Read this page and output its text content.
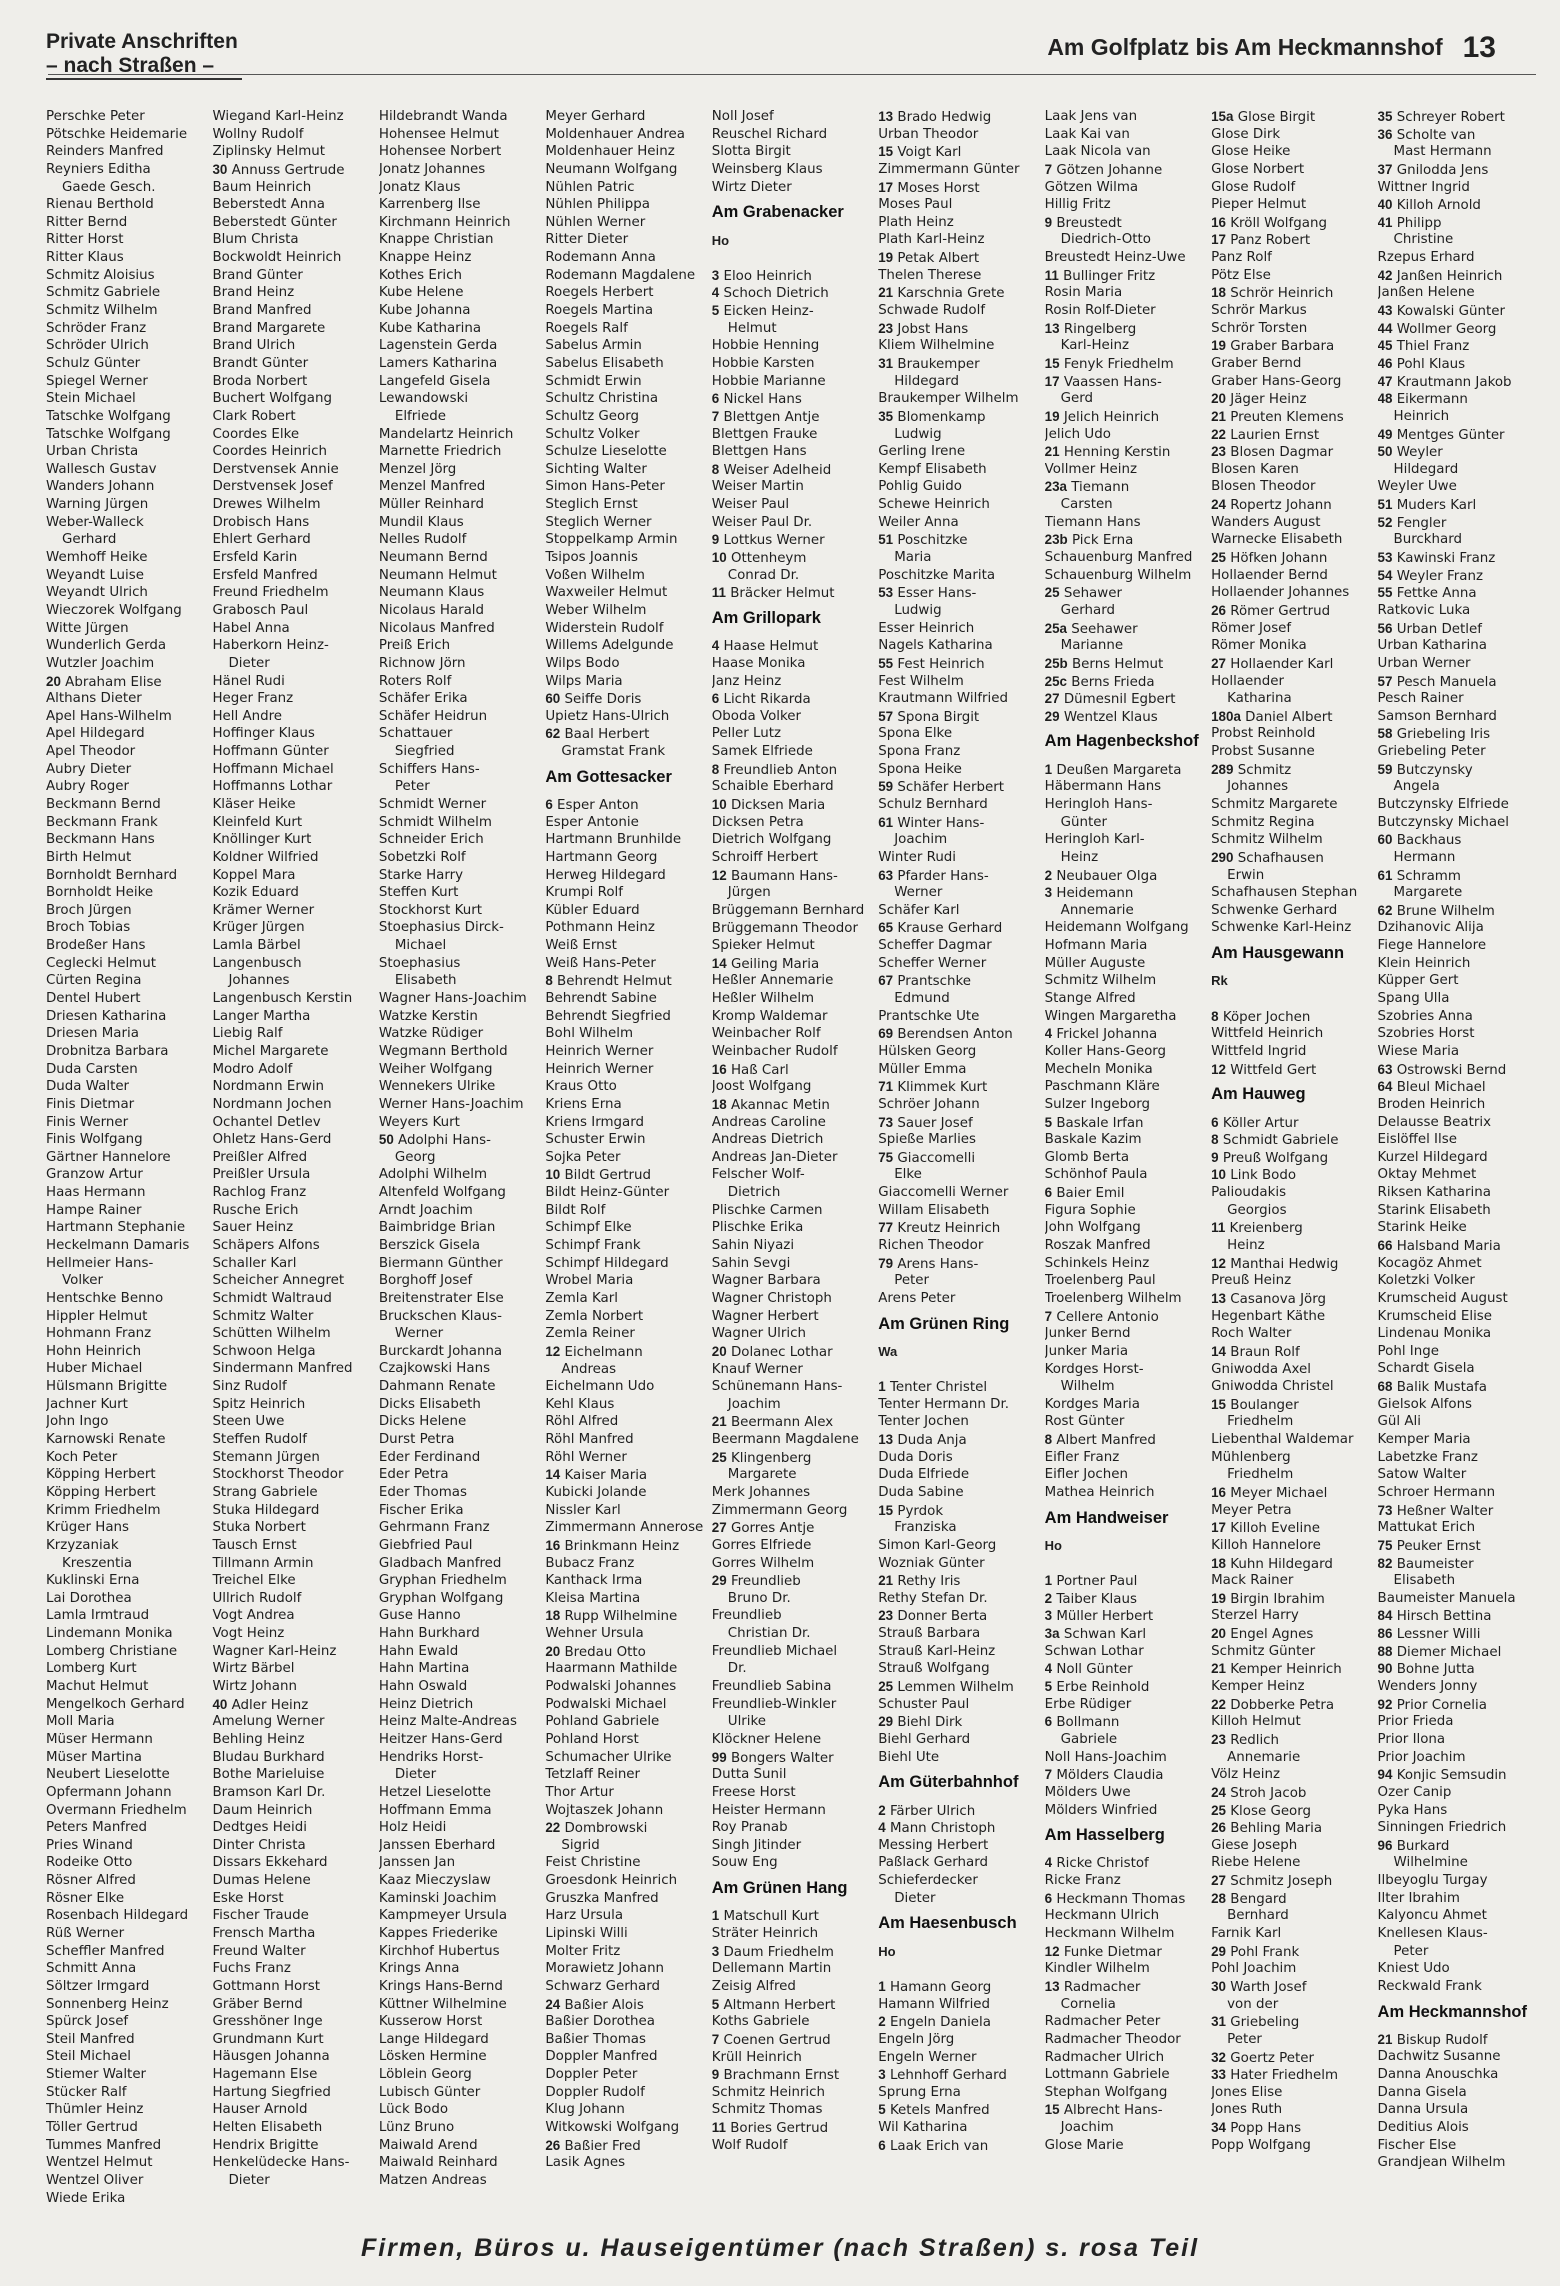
Private Anschriften
– nach Straßen –
Am Golfplatz bis Am Heckmannshof 13
Perschke Peter
Pötschke Heidemarie
Reinders Manfred
Reyniers Editha
Gaede Gesch.
Rienau Berthold
Ritter Bernd
Ritter Horst
Ritter Klaus
Schmitz Aloisius
Schmitz Gabriele
Schmitz Wilhelm
Schröder Franz
Schröder Ulrich
Schulz Günter
Spiegel Werner
Stein Michael
Tatschke Wolfgang
Tatschke Wolfgang
Urban Christa
Wallesch Gustav
Wanders Johann
Warning Jürgen
Weber-Walleck
Gerhard
Wemhoff Heike
Weyandt Luise
Weyandt Ulrich
Wieczorek Wolfgang
Witte Jürgen
Wunderlich Gerda
Wutzler Joachim
20 Abraham Elise
Althans Dieter
Apel Hans-Wilhelm
Apel Hildegard
Apel Theodor
Aubry Dieter
Aubry Roger
Beckmann Bernd
Beckmann Frank
Beckmann Hans
Birth Helmut
Bornholdt Bernhard
Bornholdt Heike
Broch Jürgen
Broch Tobias
Brodeßer Hans
Ceglecki Helmut
Cürten Regina
Dentel Hubert
Driesen Katharina
Driesen Maria
Drobnitza Barbara
Duda Carsten
Duda Walter
Finis Dietmar
Finis Werner
Finis Wolfgang
Gärtner Hannelore
Granzow Artur
Haas Hermann
Hampe Rainer
Hartmann Stephanie
Heckelmann Damaris
Hellmeier Hans-
Volker
Hentschke Benno
Hippler Helmut
Hohmann Franz
Hohn Heinrich
Huber Michael
Hülsmann Brigitte
Jachner Kurt
John Ingo
Karnowski Renate
Koch Peter
Köpping Herbert
Köpping Herbert
Krimm Friedhelm
Krüger Hans
Krzyzaniak
Kreszentia
Kuklinski Erna
Lai Dorothea
Lamla Irmtraud
Lindemann Monika
Lomberg Christiane
Lomberg Kurt
Machut Helmut
Mengelkoch Gerhard
Moll Maria
Müser Hermann
Müser Martina
Neubert Lieselotte
Opfermann Johann
Overmann Friedhelm
Peters Manfred
Pries Winand
Rodeike Otto
Rösner Alfred
Rösner Elke
Rosenbach Hildegard
Rüß Werner
Scheffler Manfred
Schmitt Anna
Söltzer Irmgard
Sonnenberg Heinz
Spürck Josef
Steil Manfred
Steil Michael
Stiemer Walter
Stücker Ralf
Thümler Heinz
Töller Gertrud
Tummes Manfred
Wentzel Helmut
Wentzel Oliver
Wiede Erika
Wiegand Karl-Heinz
Wollny Rudolf
Ziplinsky Helmut
30 Annuss Gertrude
Baum Heinrich
Beberstedt Anna
Beberstedt Günter
Blum Christa
Bockwoldt Heinrich
Brand Günter
Brand Heinz
Brand Manfred
Brand Margarete
Brand Ulrich
Brandt Günter
Broda Norbert
Buchert Wolfgang
Clark Robert
Coordes Elke
Coordes Heinrich
Derstvensek Annie
Derstvensek Josef
Drewes Wilhelm
Drobisch Hans
Ehlert Gerhard
Ersfeld Karin
Ersfeld Manfred
Freund Friedhelm
Grabosch Paul
Habel Anna
Haberkorn Heinz-
Dieter
Hänel Rudi
Heger Franz
Hell Andre
Hoffinger Klaus
Hoffmann Günter
Hoffmann Michael
Hoffmanns Lothar
Kläser Heike
Kleinfeld Kurt
Knöllinger Kurt
Koldner Wilfried
Koppel Mara
Kozik Eduard
Krämer Werner
Krüger Jürgen
Lamla Bärbel
Langenbusch
Johannes
Langenbusch Kerstin
Langer Martha
Liebig Ralf
Michel Margarete
Modro Adolf
Nordmann Erwin
Nordmann Jochen
Ochantel Detlev
Ohletz Hans-Gerd
Preißler Alfred
Preißler Ursula
Rachlog Franz
Rusche Erich
Sauer Heinz
Schäpers Alfons
Schaller Karl
Scheicher Annegret
Schmidt Waltraud
Schmitz Walter
Schütten Wilhelm
Schwoon Helga
Sindermann Manfred
Sinz Rudolf
Spitz Heinrich
Steen Uwe
Steffen Rudolf
Stemann Jürgen
Stockhorst Theodor
Strang Gabriele
Stuka Hildegard
Stuka Norbert
Tausch Ernst
Tillmann Armin
Treichel Elke
Ullrich Rudolf
Vogt Andrea
Vogt Heinz
Wagner Karl-Heinz
Wirtz Bärbel
Wirtz Johann
40 Adler Heinz
Amelung Werner
Behling Heinz
Bludau Burkhard
Bothe Marieluise
Bramson Karl Dr.
Daum Heinrich
Dedtges Heidi
Dinter Christa
Dissars Ekkehard
Dumas Helene
Eske Horst
Fischer Traude
Frensch Martha
Freund Walter
Fuchs Franz
Gottmann Horst
Gräber Bernd
Gresshöner Inge
Grundmann Kurt
Häusgen Johanna
Hagemann Else
Hartung Siegfried
Hauser Arnold
Helten Elisabeth
Hendrix Brigitte
Henkelüdecke Hans-
Dieter
Hildebrandt Wanda
Hohensee Helmut
Hohensee Norbert
Jonatz Johannes
Jonatz Klaus
Karrenberg Ilse
Kirchmann Heinrich
Knappe Christian
Knappe Heinz
Kothes Erich
Kube Helene
Kube Johanna
Kube Katharina
Lagenstein Gerda
Lamers Katharina
Langefeld Gisela
Lewandowski
Elfriede
Mandelartz Heinrich
Marnette Friedrich
Menzel Jörg
Menzel Manfred
Müller Reinhard
Mundil Klaus
Nelles Rudolf
Neumann Bernd
Neumann Helmut
Neumann Klaus
Nicolaus Harald
Nicolaus Manfred
Preiß Erich
Richnow Jörn
Roters Rolf
Schäfer Erika
Schäfer Heidrun
Schattauer
Siegfried
Schiffers Hans-
Peter
Schmidt Werner
Schmidt Wilhelm
Schneider Erich
Sobetzki Rolf
Starke Harry
Steffen Kurt
Stockhorst Kurt
Stoephasius Dirck-
Michael
Stoephasius
Elisabeth
Wagner Hans-Joachim
Watzke Kerstin
Watzke Rüdiger
Wegmann Berthold
Weiher Wolfgang
Wennekers Ulrike
Werner Hans-Joachim
Weyers Kurt
50 Adolphi Hans-
Georg
Adolphi Wilhelm
Altenfeld Wolfgang
Arndt Joachim
Baimbridge Brian
Berszick Gisela
Biermann Günther
Borghoff Josef
Breitenstrater Else
Bruckschen Klaus-
Werner
Burckardt Johanna
Czajkowski Hans
Dahmann Renate
Dicks Elisabeth
Dicks Helene
Durst Petra
Eder Ferdinand
Eder Petra
Eder Thomas
Fischer Erika
Gehrmann Franz
Giebfried Paul
Gladbach Manfred
Gryphan Friedhelm
Gryphan Wolfgang
Guse Hanno
Hahn Burkhard
Hahn Ewald
Hahn Martina
Hahn Oswald
Heinz Dietrich
Heinz Malte-Andreas
Heitzer Hans-Gerd
Hendriks Horst-
Dieter
Hetzel Lieselotte
Hoffmann Emma
Holz Heidi
Janssen Eberhard
Janssen Jan
Kaaz Mieczyslaw
Kaminski Joachim
Kampmeyer Ursula
Kappes Friederike
Kirchhof Hubertus
Krings Anna
Krings Hans-Bernd
Küttner Wilhelmine
Kusserow Horst
Lange Hildegard
Lösken Hermine
Löblein Georg
Lubisch Günter
Lück Bodo
Lünz Bruno
Maiwald Arend
Maiwald Reinhard
Matzen Andreas
Meyer Gerhard
Moldenhauer Andrea
Moldenhauer Heinz
Neumann Wolfgang
Nühlen Patric
Nühlen Philippa
Nühlen Werner
Ritter Dieter
Rodemann Anna
Rodemann Magdalene
Roegels Herbert
Roegels Martina
Roegels Ralf
Sabelus Armin
Sabelus Elisabeth
Schmidt Erwin
Schultz Christina
Schultz Georg
Schultz Volker
Schulze Lieselotte
Sichting Walter
Simon Hans-Peter
Steglich Ernst
Steglich Werner
Stoppelkamp Armin
Tsipos Joannis
Voßen Wilhelm
Waxweiler Helmut
Weber Wilhelm
Widerstein Rudolf
Willems Adelgunde
Wilps Bodo
Wilps Maria
60 Seiffe Doris
Upietz Hans-Ulrich
62 Baal Herbert
Gramstat Frank
Am Gottesacker
6 Esper Anton
Esper Antonie
Hartmann Brunhilde
Hartmann Georg
Herweg Hildegard
Krumpi Rolf
Kübler Eduard
Pothmann Heinz
Weiß Ernst
Weiß Hans-Peter
8 Behrendt Helmut
Behrendt Sabine
Behrendt Siegfried
Bohl Wilhelm
Heinrich Werner
Heinrich Werner
Kraus Otto
Kriens Erna
Kriens Irmgard
Schuster Erwin
Sojka Peter
10 Bildt Gertrud
Bildt Heinz-Günter
Bildt Rolf
Schimpf Elke
Schimpf Frank
Schimpf Hildegard
Wrobel Maria
Zemla Karl
Zemla Norbert
Zemla Reiner
12 Eichelmann
Andreas
Eichelmann Udo
Kehl Klaus
Röhl Alfred
Röhl Manfred
Röhl Werner
14 Kaiser Maria
Kubicki Jolande
Nissler Karl
Zimmermann Annerose
16 Brinkmann Heinz
Bubacz Franz
Kanthack Irma
Kleisa Martina
18 Rupp Wilhelmine
Wehner Ursula
20 Bredau Otto
Haarmann Mathilde
Podwalski Johannes
Podwalski Michael
Pohland Gabriele
Pohland Horst
Schumacher Ulrike
Tetzlaff Reiner
Thor Artur
Wojtaszek Johann
22 Dombrowski
Sigrid
Feist Christine
Groesdonk Heinrich
Gruszka Manfred
Harz Ursula
Lipinski Willi
Molter Fritz
Morawietz Johann
Schwarz Gerhard
24 Baßier Alois
Baßier Dorothea
Baßier Thomas
Doppler Manfred
Doppler Peter
Doppler Rudolf
Klug Johann
Witkowski Wolfgang
26 Baßier Fred
Lasik Agnes
Noll Josef
Reuschel Richard
Slotta Birgit
Weinsberg Klaus
Wirtz Dieter
Am Grabenacker
Ho
3 Eloo Heinrich
4 Schoch Dietrich
5 Eicken Heinz-
Helmut
Hobbie Henning
Hobbie Karsten
Hobbie Marianne
6 Nickel Hans
7 Blettgen Antje
Blettgen Frauke
Blettgen Hans
8 Weiser Adelheid
Weiser Martin
Weiser Paul
Weiser Paul Dr.
9 Lottkus Werner
10 Ottenheym
Conrad Dr.
11 Bräcker Helmut
Am Grillopark
4 Haase Helmut
Haase Monika
Janz Heinz
6 Licht Rikarda
Oboda Volker
Peller Lutz
Samek Elfriede
8 Freundlieb Anton
Schaible Eberhard
10 Dicksen Maria
Dicksen Petra
Dietrich Wolfgang
Schroiff Herbert
12 Baumann Hans-
Jürgen
Brüggemann Bernhard
Brüggemann Theodor
Spieker Helmut
14 Geiling Maria
Heßler Annemarie
Heßler Wilhelm
Kromp Waldemar
Weinbacher Rolf
Weinbacher Rudolf
16 Haß Carl
Joost Wolfgang
18 Akannac Metin
Andreas Caroline
Andreas Dietrich
Andreas Jan-Dieter
Felscher Wolf-
Dietrich
Plischke Carmen
Plischke Erika
Sahin Niyazi
Sahin Sevgi
Wagner Barbara
Wagner Christoph
Wagner Herbert
Wagner Ulrich
20 Dolanec Lothar
Knauf Werner
Schünemann Hans-
Joachim
21 Beermann Alex
Beermann Magdalene
25 Klingenberg
Margarete
Merk Johannes
Zimmermann Georg
27 Gorres Antje
Gorres Elfriede
Gorres Wilhelm
29 Freundlieb
Bruno Dr.
Freundlieb
Christian Dr.
Freundlieb Michael
Dr.
Freundlieb Sabina
Freundlieb-Winkler
Ulrike
Klöckner Helene
99 Bongers Walter
Dutta Sunil
Freese Horst
Heister Hermann
Roy Pranab
Singh Jitinder
Souw Eng
Am Grünen Hang
1 Matschull Kurt
Sträter Heinrich
3 Daum Friedhelm
Dellemann Martin
Zeisig Alfred
5 Altmann Herbert
Koths Gabriele
7 Coenen Gertrud
Krüll Heinrich
9 Brachmann Ernst
Schmitz Heinrich
Schmitz Thomas
11 Bories Gertrud
Wolf Rudolf
13 Brado Hedwig
Urban Theodor
15 Voigt Karl
Zimmermann Günter
17 Moses Horst
Moses Paul
Plath Heinz
Plath Karl-Heinz
19 Petak Albert
Thelen Therese
21 Karschnia Grete
Schwade Rudolf
23 Jobst Hans
Kliem Wilhelmine
31 Braukemper
Hildegard
Braukemper Wilhelm
35 Blomenkamp
Ludwig
Gerling Irene
Kempf Elisabeth
Pohlig Guido
Schewe Heinrich
Weiler Anna
51 Poschitzke
Maria
Poschitzke Marita
53 Esser Hans-
Ludwig
Esser Heinrich
Nagels Katharina
55 Fest Heinrich
Fest Wilhelm
Krautmann Wilfried
57 Spona Birgit
Spona Elke
Spona Franz
Spona Heike
59 Schäfer Herbert
Schulz Bernhard
61 Winter Hans-
Joachim
Winter Rudi
63 Pfarder Hans-
Werner
Schäfer Karl
65 Krause Gerhard
Scheffer Dagmar
Scheffer Werner
67 Prantschke
Edmund
Prantschke Ute
69 Berendsen Anton
Hülsken Georg
Müller Emma
71 Klimmek Kurt
Schröer Johann
73 Sauer Josef
Spieße Marlies
75 Giaccomelli
Elke
Giaccomelli Werner
Willam Elisabeth
77 Kreutz Heinrich
Richen Theodor
79 Arens Hans-
Peter
Arens Peter
Am Grünen Ring
Wa
1 Tenter Christel
Tenter Hermann Dr.
Tenter Jochen
13 Duda Anja
Duda Doris
Duda Elfriede
Duda Sabine
15 Pyrdok
Franziska
Simon Karl-Georg
Wozniak Günter
21 Rethy Iris
Rethy Stefan Dr.
23 Donner Berta
Strauß Barbara
Strauß Karl-Heinz
Strauß Wolfgang
25 Lemmen Wilhelm
Schuster Paul
29 Biehl Dirk
Biehl Gerhard
Biehl Ute
Am Güterbahnhof
2 Färber Ulrich
4 Mann Christoph
Messing Herbert
Paßlack Gerhard
Schieferdecker
Dieter
Am Haesenbusch
Ho
1 Hamann Georg
Hamann Wilfried
2 Engeln Daniela
Engeln Jörg
Engeln Werner
3 Lehnhoff Gerhard
Sprung Erna
5 Ketels Manfred
Wil Katharina
6 Laak Erich van
Laak Jens van
Laak Kai van
Laak Nicola van
7 Götzen Johanne
Götzen Wilma
Hillig Fritz
9 Breustedt
Diedrich-Otto
Breustedt Heinz-Uwe
11 Bullinger Fritz
Rosin Maria
Rosin Rolf-Dieter
13 Ringelberg
Karl-Heinz
15 Fenyk Friedhelm
17 Vaassen Hans-
Gerd
19 Jelich Heinrich
Jelich Udo
21 Henning Kerstin
Vollmer Heinz
23a Tiemann
Carsten
Tiemann Hans
23b Pick Erna
Schauenburg Manfred
Schauenburg Wilhelm
25 Sehawer
Gerhard
25a Seehawer
Marianne
25b Berns Helmut
25c Berns Frieda
27 Dümesnil Egbert
29 Wentzel Klaus
Am Hagenbeckshof
1 Deußen Margareta
Häbermann Hans
Heringloh Hans-
Günter
Heringloh Karl-
Heinz
2 Neubauer Olga
3 Heidemann
Annemarie
Heidemann Wolfgang
Hofmann Maria
Müller Auguste
Schmitz Wilhelm
Stange Alfred
Wingen Margaretha
4 Frickel Johanna
Koller Hans-Georg
Mecheln Monika
Paschmann Kläre
Sulzer Ingeborg
5 Baskale Irfan
Baskale Kazim
Glomb Berta
Schönhof Paula
6 Baier Emil
Figura Sophie
John Wolfgang
Roszak Manfred
Schinkels Heinz
Troelenberg Paul
Troelenberg Wilhelm
7 Cellere Antonio
Junker Bernd
Junker Maria
Kordges Horst-
Wilhelm
Kordges Maria
Rost Günter
8 Albert Manfred
Eifler Franz
Eifler Jochen
Mathea Heinrich
Am Handweiser
Ho
1 Portner Paul
2 Taiber Klaus
3 Müller Herbert
3a Schwan Karl
Schwan Lothar
4 Noll Günter
5 Erbe Reinhold
Erbe Rüdiger
6 Bollmann
Gabriele
Noll Hans-Joachim
7 Mölders Claudia
Mölders Uwe
Mölders Winfried
Am Hasselberg
4 Ricke Christof
Ricke Franz
6 Heckmann Thomas
Heckmann Ulrich
Heckmann Wilhelm
12 Funke Dietmar
Kindler Wilhelm
13 Radmacher
Cornelia
Radmacher Peter
Radmacher Theodor
Radmacher Ulrich
Lottmann Gabriele
Stephan Wolfgang
15 Albrecht Hans-
Joachim
Glose Marie
15a Glose Birgit
Glose Dirk
Glose Heike
Glose Norbert
Glose Rudolf
Pieper Helmut
16 Kröll Wolfgang
17 Panz Robert
Panz Rolf
Pötz Else
18 Schrör Heinrich
Schrör Markus
Schrör Torsten
19 Graber Barbara
Graber Bernd
Graber Hans-Georg
20 Jäger Heinz
21 Preuten Klemens
22 Laurien Ernst
23 Blosen Dagmar
Blosen Karen
Blosen Theodor
24 Ropertz Johann
Wanders August
Warnecke Elisabeth
25 Höfken Johann
Hollaender Bernd
Hollaender Johannes
26 Römer Gertrud
Römer Josef
Römer Monika
27 Hollaender Karl
Hollaender
Katharina
180a Daniel Albert
Probst Reinhold
Probst Susanne
289 Schmitz
Johannes
Schmitz Margarete
Schmitz Regina
Schmitz Wilhelm
290 Schafhausen
Erwin
Schafhausen Stephan
Schwenke Gerhard
Schwenke Karl-Heinz
Am Hausgewann
Rk
8 Köper Jochen
Wittfeld Heinrich
Wittfeld Ingrid
12 Wittfeld Gert
Am Hauweg
6 Köller Artur
8 Schmidt Gabriele
9 Preuß Wolfgang
10 Link Bodo
Palioudakis
Georgios
11 Kreienberg
Heinz
12 Manthai Hedwig
Preuß Heinz
13 Casanova Jörg
Hegenbart Käthe
Roch Walter
14 Braun Rolf
Gniwodda Axel
Gniwodda Christel
15 Boulanger
Friedhelm
Liebenthal Waldemar
Mühlenberg
Friedhelm
16 Meyer Michael
Meyer Petra
17 Killoh Eveline
Killoh Hannelore
18 Kuhn Hildegard
Mack Rainer
19 Birgin Ibrahim
Sterzel Harry
20 Engel Agnes
Schmitz Günter
21 Kemper Heinrich
Kemper Heinz
22 Dobberke Petra
Killoh Helmut
23 Redlich
Annemarie
Völz Heinz
24 Stroh Jacob
25 Klose Georg
26 Behling Maria
Giese Joseph
Riebe Helene
27 Schmitz Joseph
28 Bengard
Bernhard
Farnik Karl
29 Pohl Frank
Pohl Joachim
30 Warth Josef
von der
31 Griebeling
Peter
32 Goertz Peter
33 Hater Friedhelm
Jones Elise
Jones Ruth
34 Popp Hans
Popp Wolfgang
35 Schreyer Robert
36 Scholte van
Mast Hermann
37 Gnilodda Jens
Wittner Ingrid
40 Killoh Arnold
41 Philipp
Christine
Rzepus Erhard
42 Janßen Heinrich
Janßen Helene
43 Kowalski Günter
44 Wollmer Georg
45 Thiel Franz
46 Pohl Klaus
47 Krautmann Jakob
48 Eikermann
Heinrich
49 Mentges Günter
50 Weyler
Hildegard
Weyler Uwe
51 Muders Karl
52 Fengler
Burckhard
53 Kawinski Franz
54 Weyler Franz
55 Fettke Anna
Ratkovic Luka
56 Urban Detlef
Urban Katharina
Urban Werner
57 Pesch Manuela
Pesch Rainer
Samson Bernhard
58 Griebeling Iris
Griebeling Peter
59 Butczynsky
Angela
Butczynsky Elfriede
Butczynsky Michael
60 Backhaus
Hermann
61 Schramm
Margarete
62 Brune Wilhelm
Dzihanovic Alija
Fiege Hannelore
Klein Heinrich
Küpper Gert
Spang Ulla
Szobries Anna
Szobries Horst
Wiese Maria
63 Ostrowski Bernd
64 Bleul Michael
Broden Heinrich
Delausse Beatrix
Eislöffel Ilse
Kurzel Hildegard
Oktay Mehmet
Riksen Katharina
Starink Elisabeth
Starink Heike
66 Halsband Maria
Kocagöz Ahmet
Koletzki Volker
Krumscheid August
Krumscheid Elise
Lindenau Monika
Pohl Inge
Schardt Gisela
68 Balik Mustafa
Gielsok Alfons
Gül Ali
Kemper Maria
Labetzke Franz
Satow Walter
Schroer Hermann
73 Heßner Walter
Mattukat Erich
75 Peuker Ernst
82 Baumeister
Elisabeth
Baumeister Manuela
84 Hirsch Bettina
86 Lessner Willi
88 Diemer Michael
90 Bohne Jutta
Wenders Jonny
92 Prior Cornelia
Prior Frieda
Prior Ilona
Prior Joachim
94 Konjic Semsudin
Ozer Canip
Pyka Hans
Sinningen Friedrich
96 Burkard
Wilhelmine
Ilbeyoglu Turgay
Ilter Ibrahim
Kalyoncu Ahmet
Knellesen Klaus-
Peter
Kniest Udo
Reckwald Frank
Am Heckmannshof
21 Biskup Rudolf
Dachwitz Susanne
Danna Anouschka
Danna Gisela
Danna Ursula
Deditius Alois
Fischer Else
Grandjean Wilhelm
Firmen, Büros u. Hauseigentümer (nach Straßen) s. rosa Teil
